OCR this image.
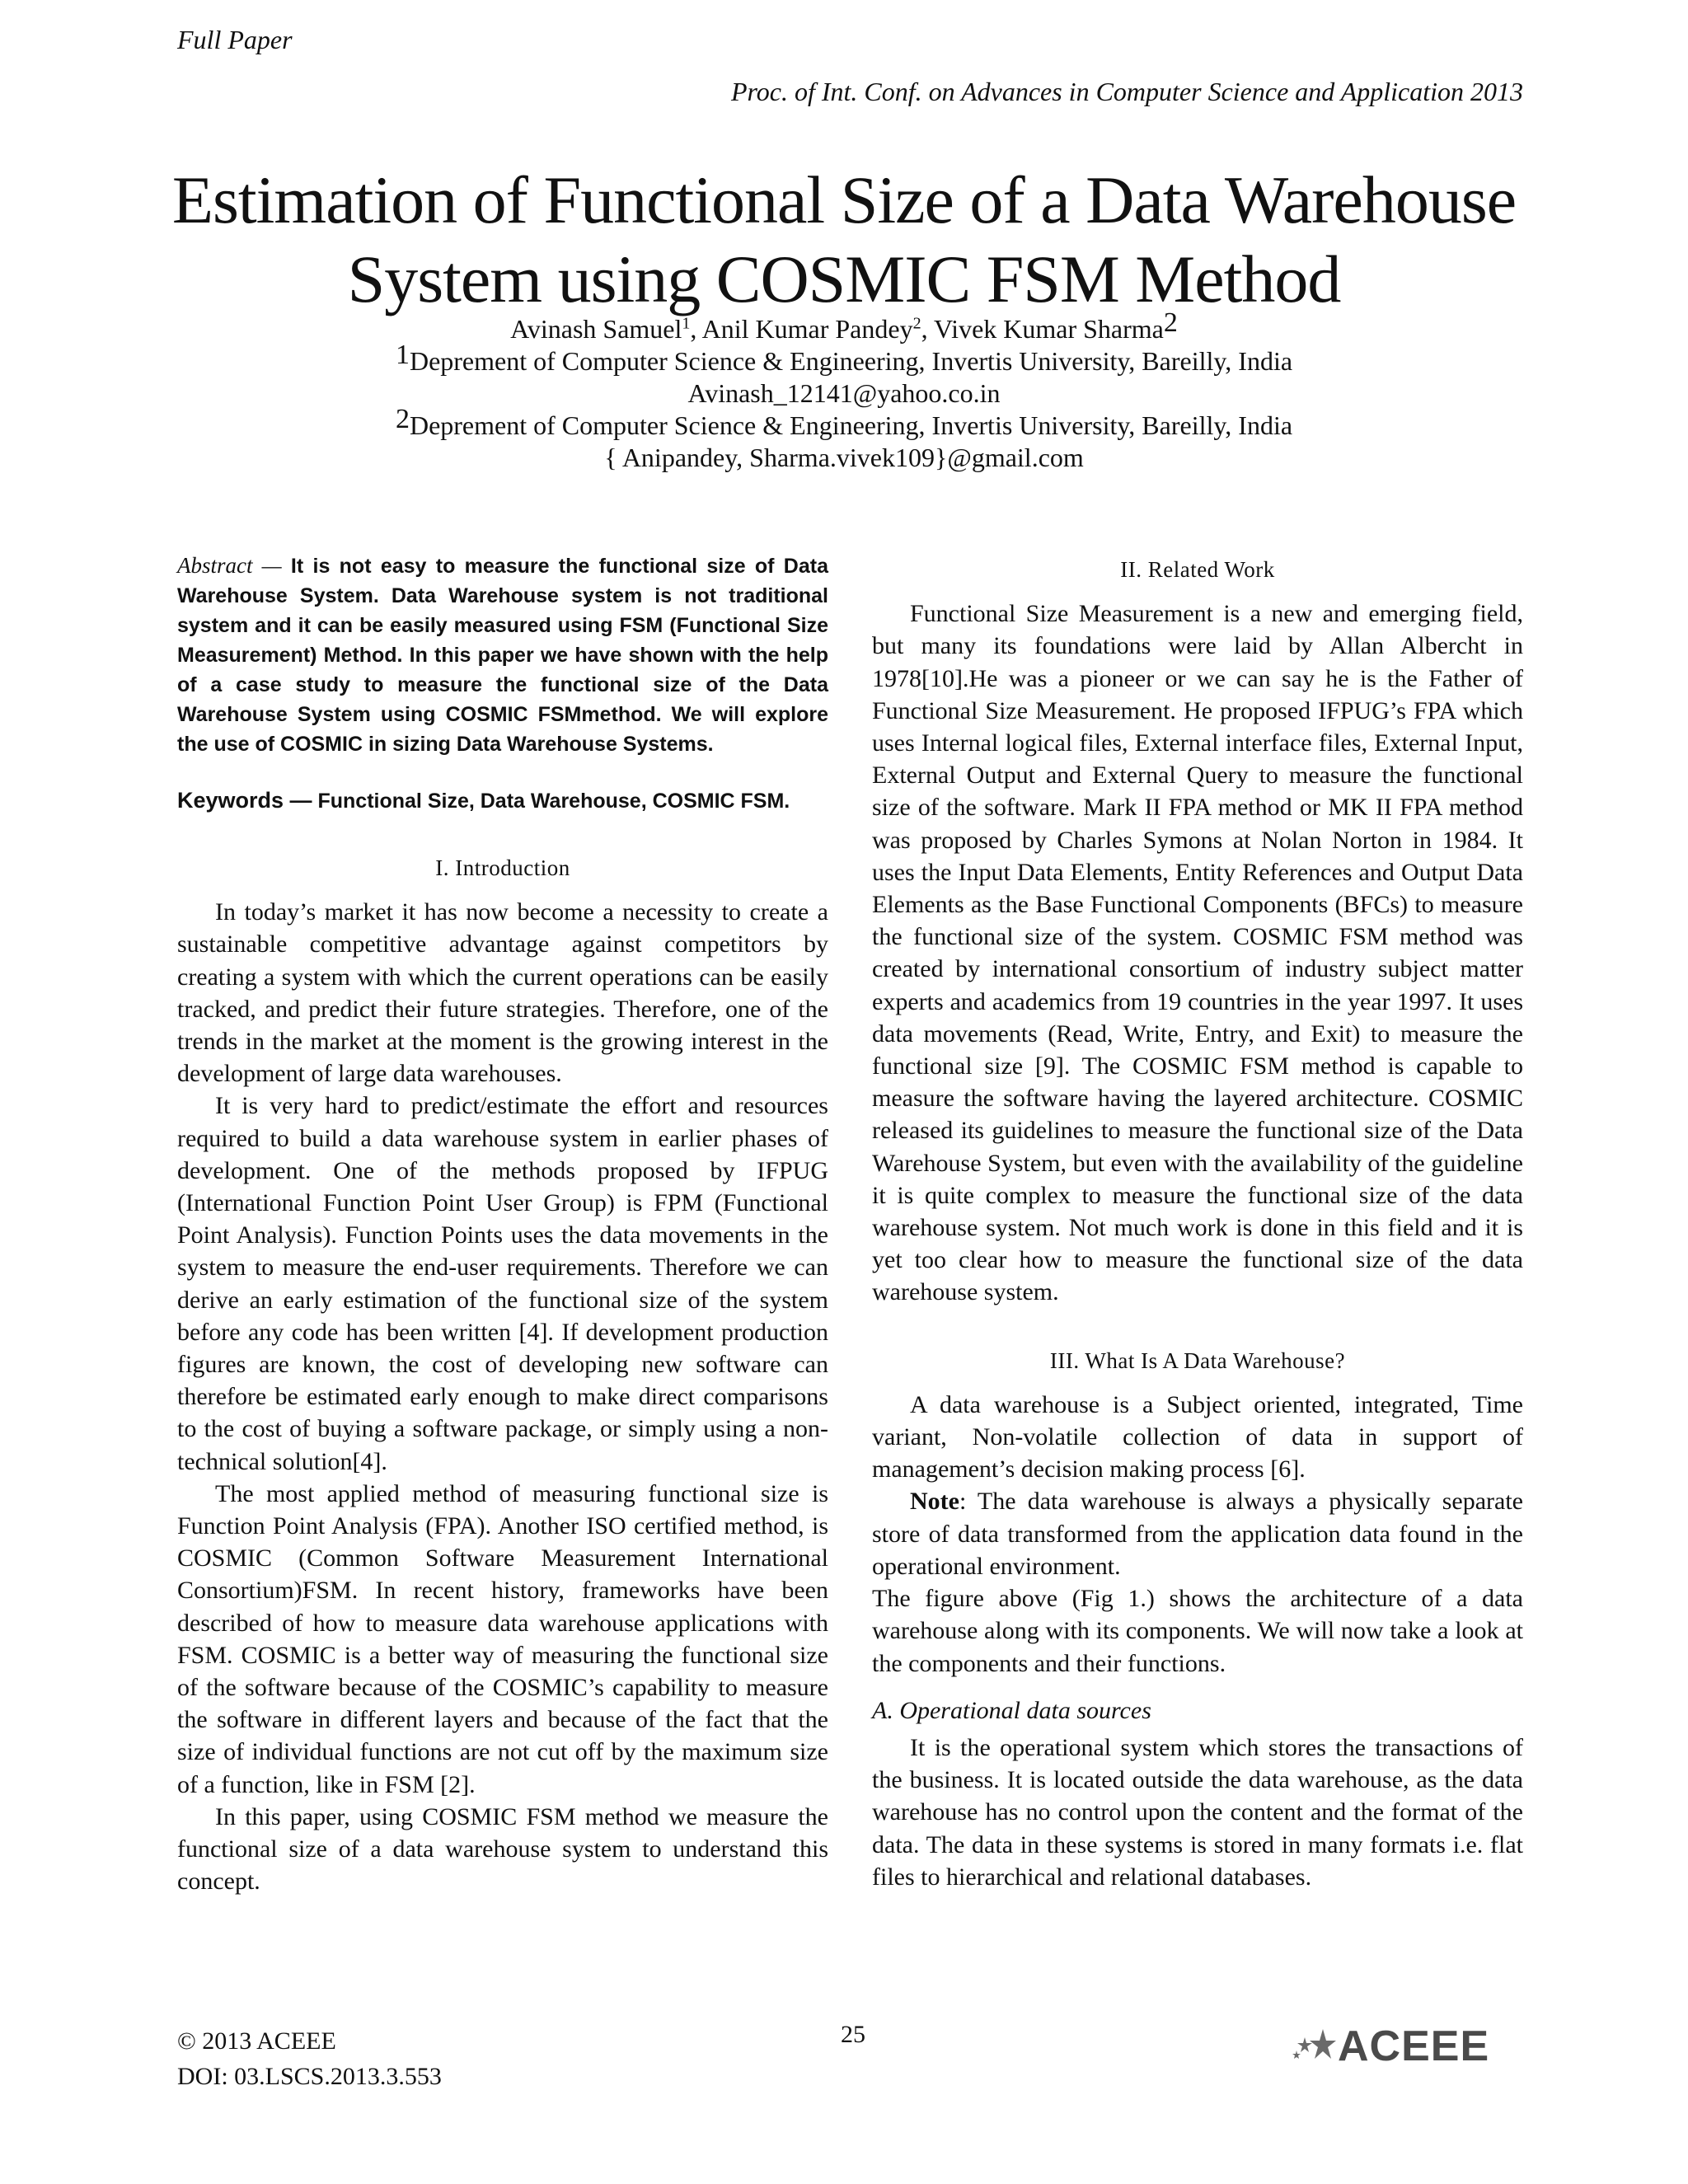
Full Paper
Proc. of Int. Conf. on Advances in Computer Science and Application 2013
Estimation of Functional Size of a Data Warehouse
System using COSMIC FSM Method
Avinash Samuel$^1$, Anil Kumar Pandey$^2$, Vivek Kumar Sharma$^2$
$^1$Deprement of Computer Science & Engineering, Invertis University, Bareilly, India
Avinash_12141@yahoo.co.in
$^2$Deprement of Computer Science & Engineering, Invertis University, Bareilly, India
{ Anipandey, Sharma.vivek109}@gmail.com

Abstract — It is not easy to measure the functional size of Data Warehouse System. Data Warehouse system is not traditional system and it can be easily measured using FSM (Functional Size Measurement) Method. In this paper we have shown with the help of a case study to measure the functional size of the Data Warehouse System using COSMIC FSMmethod. We will explore the use of COSMIC in sizing Data Warehouse Systems.

Keywords — Functional Size, Data Warehouse, COSMIC FSM.

I. Introduction

In today’s market it has now become a necessity to create a sustainable competitive advantage against competitors by creating a system with which the current operations can be easily tracked, and predict their future strategies. Therefore, one of the trends in the market at the moment is the growing interest in the development of large data warehouses.

It is very hard to predict/estimate the effort and resources required to build a data warehouse system in earlier phases of development. One of the methods proposed by IFPUG (International Function Point User Group) is FPM (Functional Point Analysis). Function Points uses the data movements in the system to measure the end-user requirements. Therefore we can derive an early estimation of the functional size of the system before any code has been written [4]. If development production figures are known, the cost of developing new software can therefore be estimated early enough to make direct comparisons to the cost of buying a software package, or simply using a non-technical solution[4].

The most applied method of measuring functional size is Function Point Analysis (FPA). Another ISO certified method, is COSMIC (Common Software Measurement International Consortium)FSM. In recent history, frameworks have been described of how to measure data warehouse applications with FSM. COSMIC is a better way of measuring the functional size of the software because of the COSMIC’s capability to measure the software in different layers and because of the fact that the size of individual functions are not cut off by the maximum size of a function, like in FSM [2].

In this paper, using COSMIC FSM method we measure the functional size of a data warehouse system to understand this concept.

II. Related Work

Functional Size Measurement is a new and emerging field, but many its foundations were laid by Allan Albercht in 1978[10].He was a pioneer or we can say he is the Father of Functional Size Measurement. He proposed IFPUG’s FPA which uses Internal logical files, External interface files, External Input, External Output and External Query to measure the functional size of the software. Mark II FPA method or MK II FPA method was proposed by Charles Symons at Nolan Norton in 1984. It uses the Input Data Elements, Entity References and Output Data Elements as the Base Functional Components (BFCs) to measure the functional size of the system. COSMIC FSM method was created by international consortium of industry subject matter experts and academics from 19 countries in the year 1997. It uses data movements (Read, Write, Entry, and Exit) to measure the functional size [9]. The COSMIC FSM method is capable to measure the software having the layered architecture. COSMIC released its guidelines to measure the functional size of the Data Warehouse System, but even with the availability of the guideline it is quite complex to measure the functional size of the data warehouse system. Not much work is done in this field and it is yet too clear how to measure the functional size of the data warehouse system.

III. What Is A Data Warehouse?

A data warehouse is a Subject oriented, integrated, Time variant, Non-volatile collection of data in support of management’s decision making process [6].

Note: The data warehouse is always a physically separate store of data transformed from the application data found in the operational environment.

The figure above (Fig 1.) shows the architecture of a data warehouse along with its components. We will now take a look at the components and their functions.

A. Operational data sources

It is the operational system which stores the transactions of the business. It is located outside the data warehouse, as the data warehouse has no control upon the content and the format of the data. The data in these systems is stored in many formats i.e. flat files to hierarchical and relational databases.

© 2013 ACEEE
DOI: 03.LSCS.2013.3.553
25	ACEEE
